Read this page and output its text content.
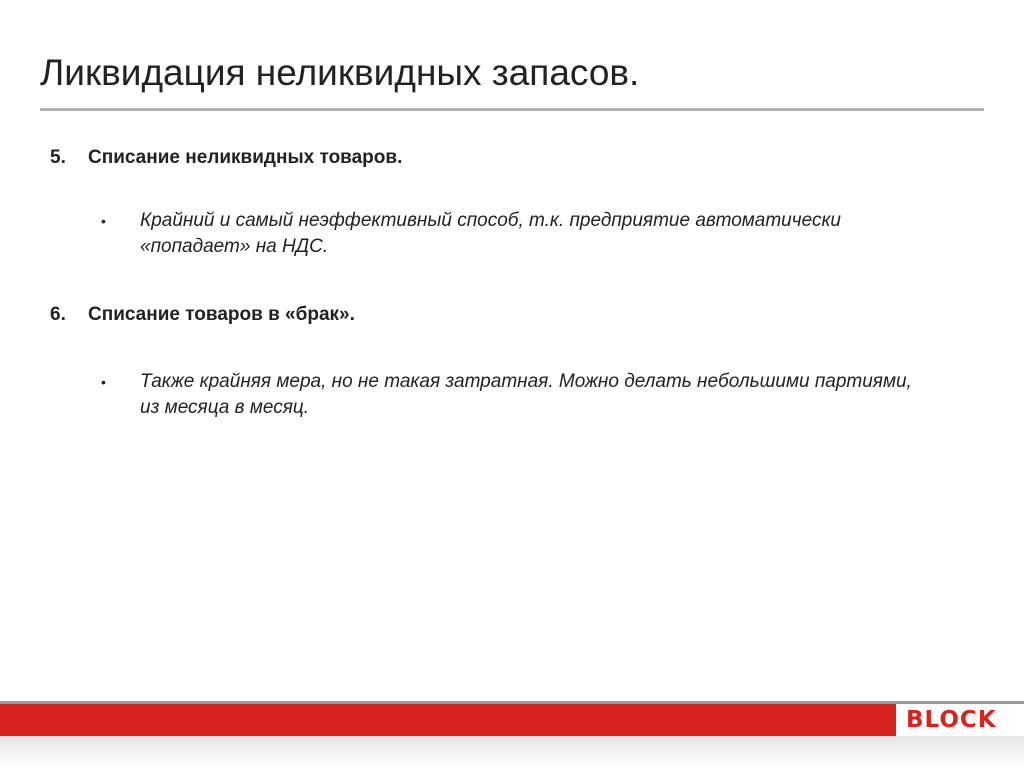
Ликвидация неликвидных запасов.
5. Списание неликвидных товаров.
• Крайний и самый неэффективный способ, т.к. предприятие автоматически «попадает» на НДС.
6. Списание товаров в «брак».
• Также крайняя мера, но не такая затратная. Можно делать небольшими партиями, из месяца в месяц.
BLOCK
